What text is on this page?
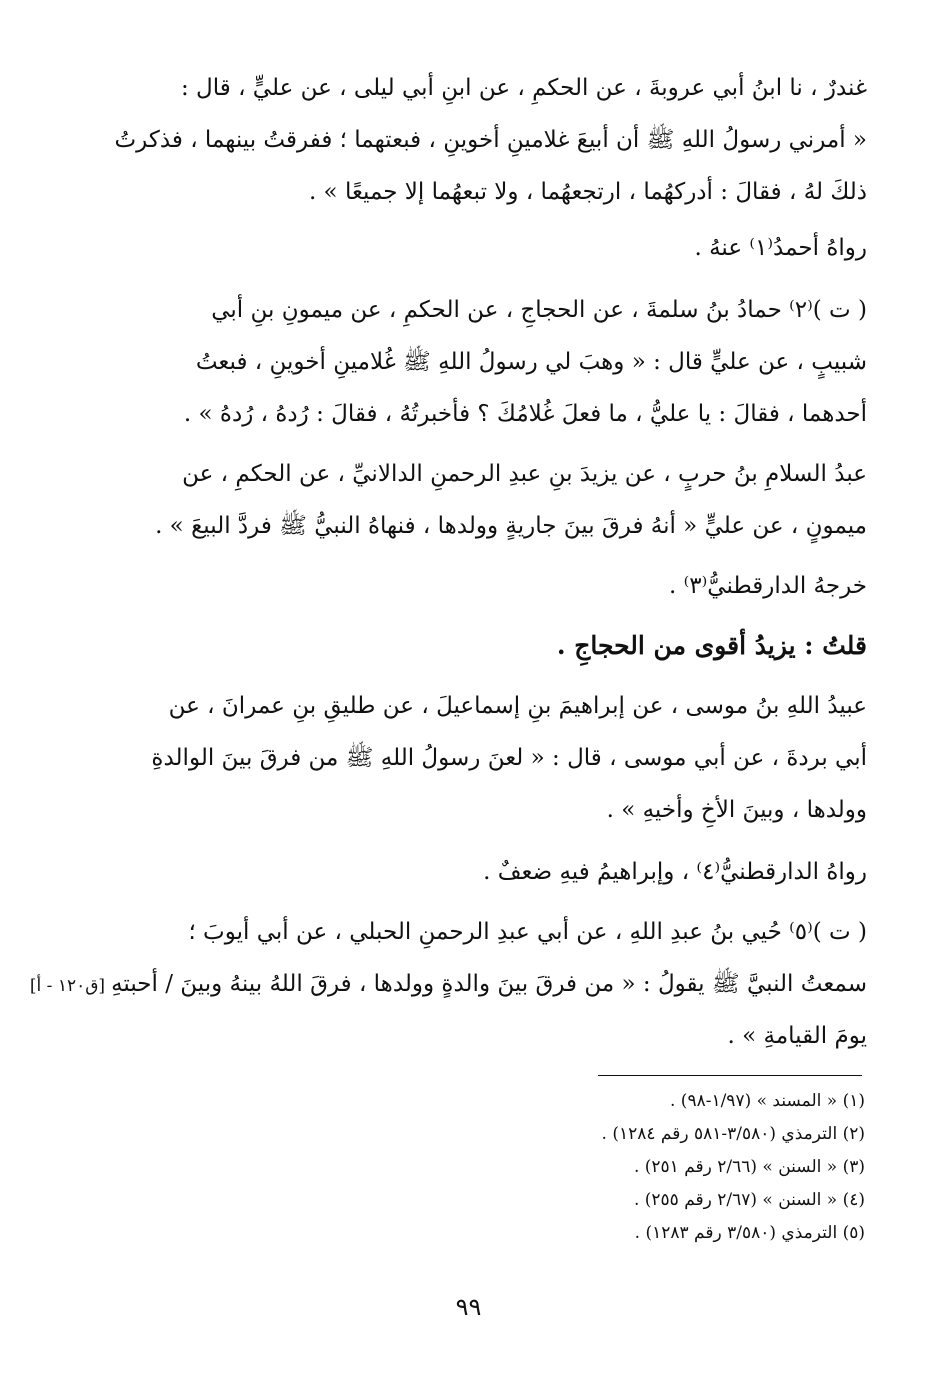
غندرٌ ، نا ابنُ أبي عروبةَ ، عن الحكمِ ، عن ابنِ أبي ليلى ، عن عليٍّ ، قال :
« أمرني رسولُ اللهِ ﷺ أن أبيعَ غلامينِ أخوينِ ، فبعتهما ؛ ففرقتُ بينهما ، فذكرتُ
ذلكَ لهُ ، فقالَ : أدركهُما ، ارتجعهُما ، ولا تبعهُما إلا جميعًا » .
رواهُ أحمدُ⁽١⁾ عنهُ .
( ت )⁽٢⁾ حمادُ بنُ سلمةَ ، عن الحجاجِ ، عن الحكمِ ، عن ميمونِ بنِ أبي
شبيبٍ ، عن عليٍّ قال : « وهبَ لي رسولُ اللهِ ﷺ غُلامينِ أخوينِ ، فبعتُ
أحدهما ، فقالَ : يا عليُّ ، ما فعلَ غُلامُكَ ؟ فأخبرتُهُ ، فقالَ : رُدهُ ، رُدهُ » .
عبدُ السلامِ بنُ حربٍ ، عن يزيدَ بنِ عبدِ الرحمنِ الدالانيِّ ، عن الحكمِ ، عن
ميمونٍ ، عن عليٍّ « أنهُ فرقَ بينَ جاريةٍ وولدها ، فنهاهُ النبيُّ ﷺ فردَّ البيعَ » .
خرجهُ الدارقطنيُّ⁽٣⁾ .
قلتُ : يزيدُ أقوى من الحجاجِ .
عبيدُ اللهِ بنُ موسى ، عن إبراهيمَ بنِ إسماعيلَ ، عن طليقِ بنِ عمرانَ ، عن
أبي بردةَ ، عن أبي موسى ، قال : « لعنَ رسولُ اللهِ ﷺ من فرقَ بينَ الوالدةِ
وولدها ، وبينَ الأخِ وأخيهِ » .
رواهُ الدارقطنيُّ⁽٤⁾ ، وإبراهيمُ فيهِ ضعفٌ .
( ت )⁽٥⁾ حُيي بنُ عبدِ اللهِ ، عن أبي عبدِ الرحمنِ الحبلي ، عن أبي أيوبَ ؛
سمعتُ النبيَّ ﷺ يقولُ : « من فرقَ بينَ والدةٍ وولدها ، فرقَ اللهُ بينهُ وبينَ / أحبتهِ[ق١٢٠ - أ]
يومَ القيامةِ » .
(١) « المسند » (١/٩٧-٩٨) .
(٢) الترمذي (٣/٥٨٠-٥٨١ رقم ١٢٨٤) .
(٣) « السنن » (٢/٦٦ رقم ٢٥١) .
(٤) « السنن » (٢/٦٧ رقم ٢٥٥) .
(٥) الترمذي (٣/٥٨٠ رقم ١٢٨٣) .
٩٩
